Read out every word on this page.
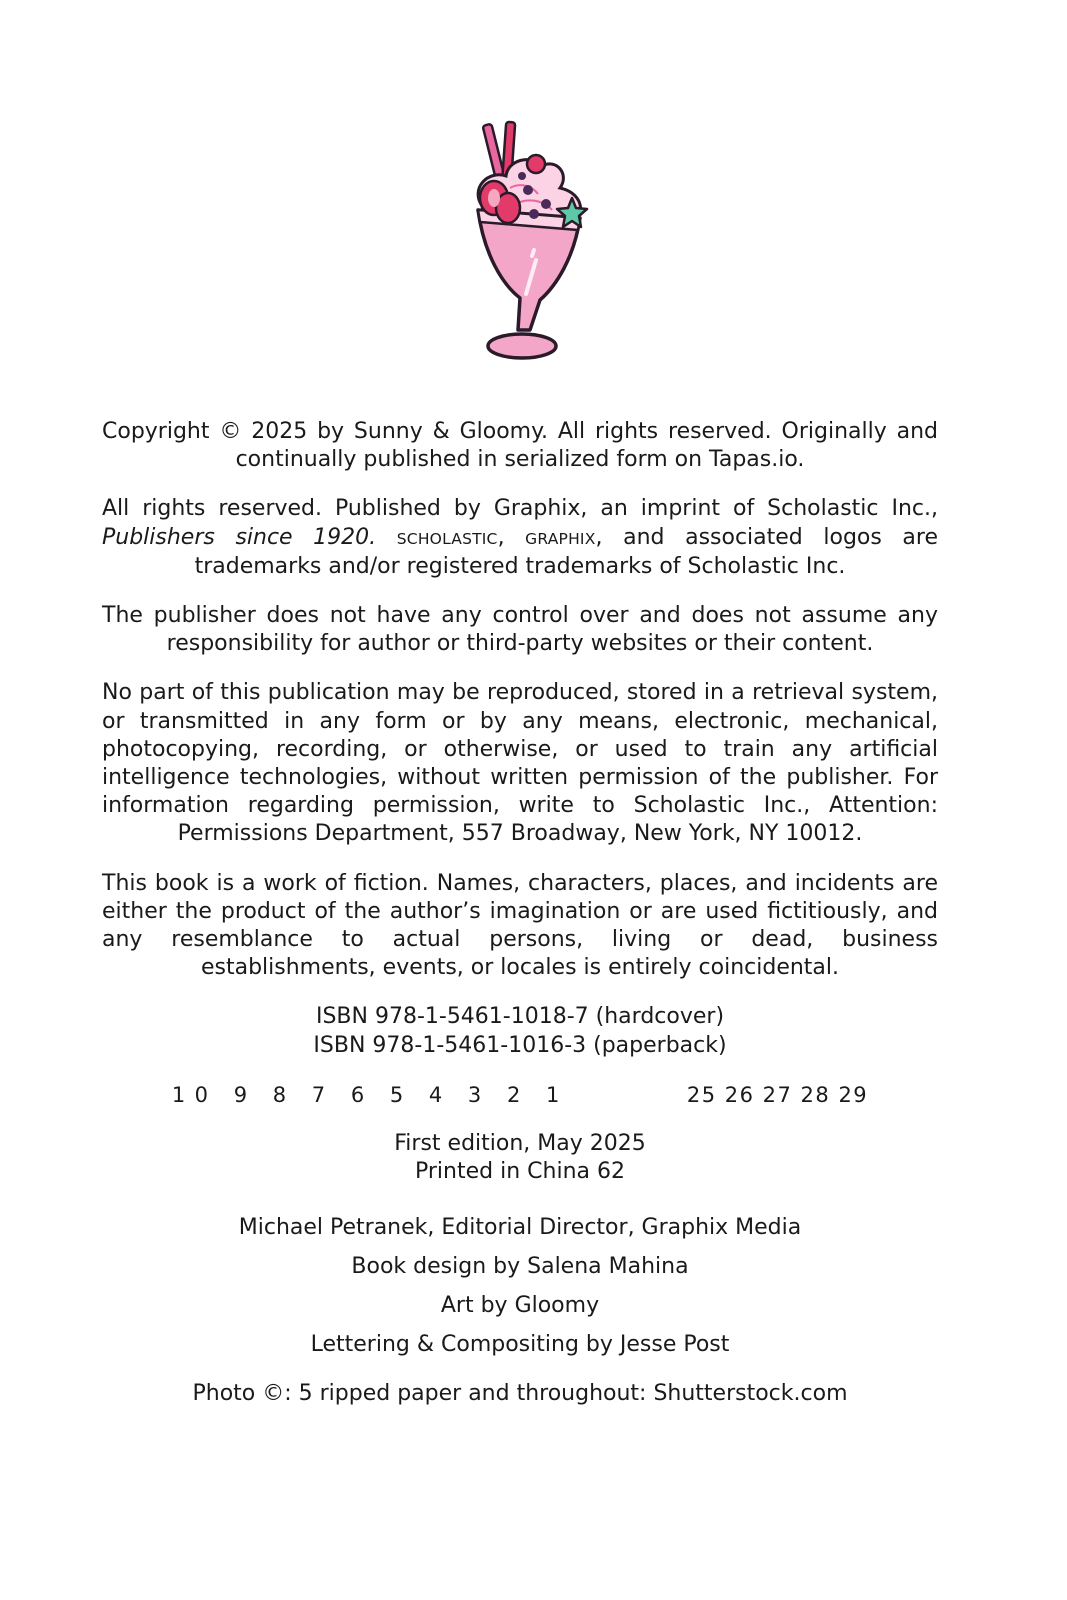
Copyright © 2025 by Sunny & Gloomy. All rights reserved. Originally and continually published in serialized form on Tapas.io.

All rights reserved. Published by Graphix, an imprint of Scholastic Inc., Publishers since 1920. SCHOLASTIC, GRAPHIX, and associated logos are trademarks and/or registered trademarks of Scholastic Inc.

The publisher does not have any control over and does not assume any responsibility for author or third-party websites or their content.

No part of this publication may be reproduced, stored in a retrieval system, or transmitted in any form or by any means, electronic, mechanical, photocopying, recording, or otherwise, or used to train any artificial intelligence technologies, without written permission of the publisher. For information regarding permission, write to Scholastic Inc., Attention: Permissions Department, 557 Broadway, New York, NY 10012.

This book is a work of fiction. Names, characters, places, and incidents are either the product of the author’s imagination or are used fictitiously, and any resemblance to actual persons, living or dead, business establishments, events, or locales is entirely coincidental.

ISBN 978-1-5461-1018-7 (hardcover)

ISBN 978-1-5461-1016-3 (paperback)

10 9 8 7 6 5 4 3 2 1	25 26 27 28 29

First edition, May 2025

Printed in China 62

Michael Petranek, Editorial Director, Graphix Media

Book design by Salena Mahina

Art by Gloomy

Lettering & Compositing by Jesse Post

Photo ©: 5 ripped paper and throughout: Shutterstock.com
